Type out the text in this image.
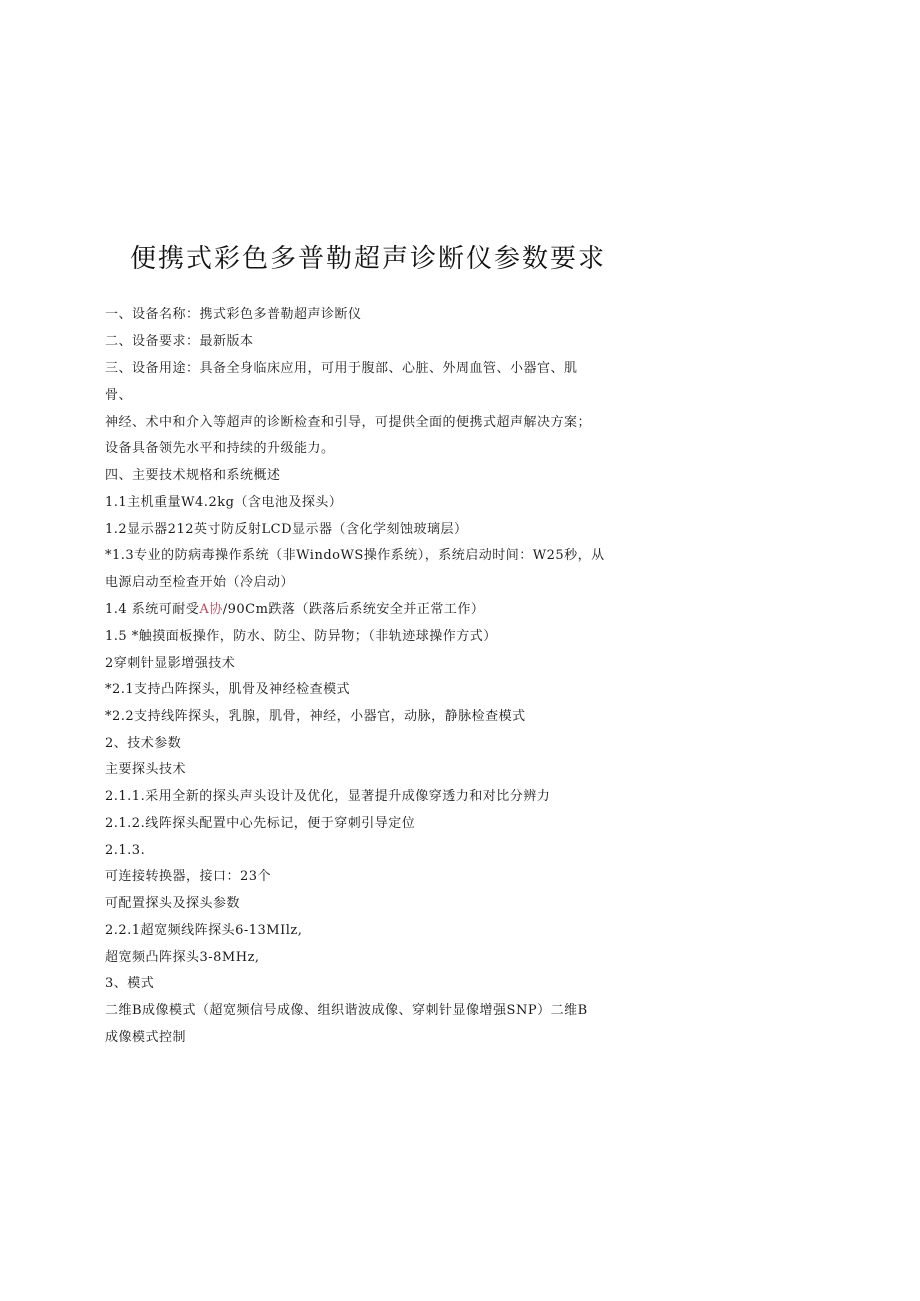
便携式彩色多普勒超声诊断仪参数要求
一、设备名称：携式彩色多普勒超声诊断仪
二、设备要求：最新版本
三、设备用途：具备全身临床应用，可用于腹部、心脏、外周血管、小器官、肌
骨、
神经、术中和介入等超声的诊断检查和引导，可提供全面的便携式超声解决方案；
设备具备领先水平和持续的升级能力。
四、主要技术规格和系统概述
1.1主机重量W4.2kg（含电池及探头）
1.2显示器212英寸防反射LCD显示器（含化学刻蚀玻璃层）
*1.3专业的防病毒操作系统（非WindoWS操作系统），系统启动时间：W25秒，从
电源启动至检查开始（冷启动）
1.4 系统可耐受A协/90Cm跌落（跌落后系统安全并正常工作）
1.5 *触摸面板操作，防水、防尘、防异物；（非轨迹球操作方式）
2穿刺针显影增强技术
*2.1支持凸阵探头，肌骨及神经检查模式
*2.2支持线阵探头，乳腺，肌骨，神经，小器官，动脉，静脉检查模式
2、技术参数
主要探头技术
2.1.1.采用全新的探头声头设计及优化，显著提升成像穿透力和对比分辨力
2.1.2.线阵探头配置中心先标记，便于穿刺引导定位
2.1.3.
可连接转换器，接口：23个
可配置探头及探头参数
2.2.1超宽频线阵探头6-13MIlz,
超宽频凸阵探头3-8MHz,
3、模式
二维B成像模式（超宽频信号成像、组织谐波成像、穿刺针显像增强SNP）二维B
成像模式控制
